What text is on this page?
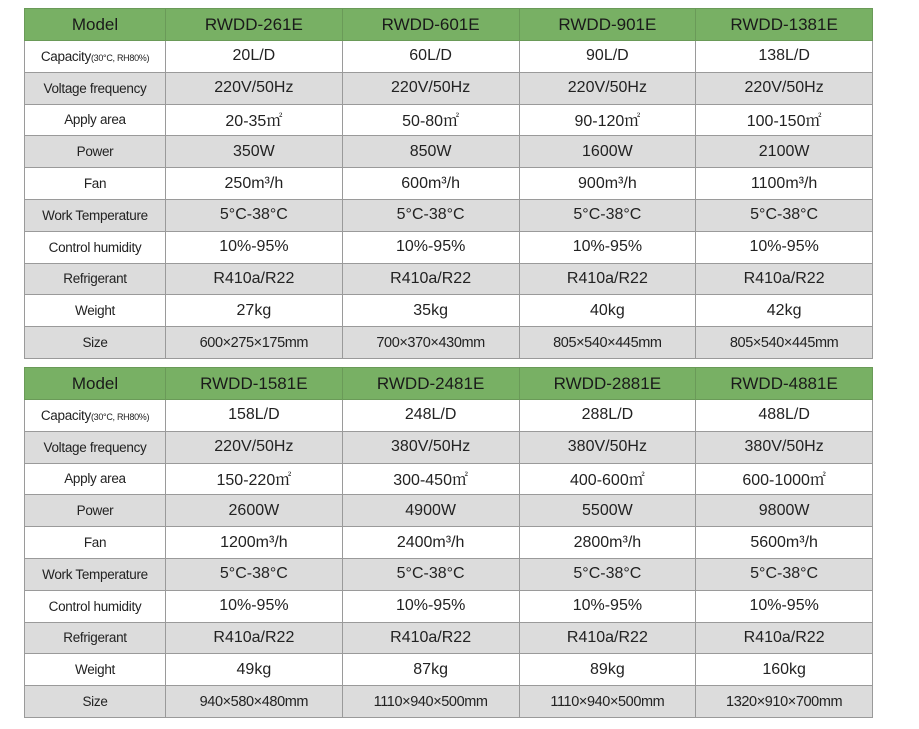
Model	RWDD-261E	RWDD-601E	RWDD-901E	RWDD-1381E
Capacity(30°C, RH80%)	20L/D	60L/D	90L/D	138L/D
Voltage frequency	220V/50Hz	220V/50Hz	220V/50Hz	220V/50Hz
Apply area	20-35㎡	50-80㎡	90-120㎡	100-150㎡
Power	350W	850W	1600W	2100W
Fan	250m³/h	600m³/h	900m³/h	1100m³/h
Work Temperature	5°C-38°C	5°C-38°C	5°C-38°C	5°C-38°C
Control humidity	10%-95%	10%-95%	10%-95%	10%-95%
Refrigerant	R410a/R22	R410a/R22	R410a/R22	R410a/R22
Weight	27kg	35kg	40kg	42kg
Size	600×275×175mm	700×370×430mm	805×540×445mm	805×540×445mm
Model	RWDD-1581E	RWDD-2481E	RWDD-2881E	RWDD-4881E
Capacity(30°C, RH80%)	158L/D	248L/D	288L/D	488L/D
Voltage frequency	220V/50Hz	380V/50Hz	380V/50Hz	380V/50Hz
Apply area	150-220㎡	300-450㎡	400-600㎡	600-1000㎡
Power	2600W	4900W	5500W	9800W
Fan	1200m³/h	2400m³/h	2800m³/h	5600m³/h
Work Temperature	5°C-38°C	5°C-38°C	5°C-38°C	5°C-38°C
Control humidity	10%-95%	10%-95%	10%-95%	10%-95%
Refrigerant	R410a/R22	R410a/R22	R410a/R22	R410a/R22
Weight	49kg	87kg	89kg	160kg
Size	940×580×480mm	1110×940×500mm	1110×940×500mm	1320×910×700mm
